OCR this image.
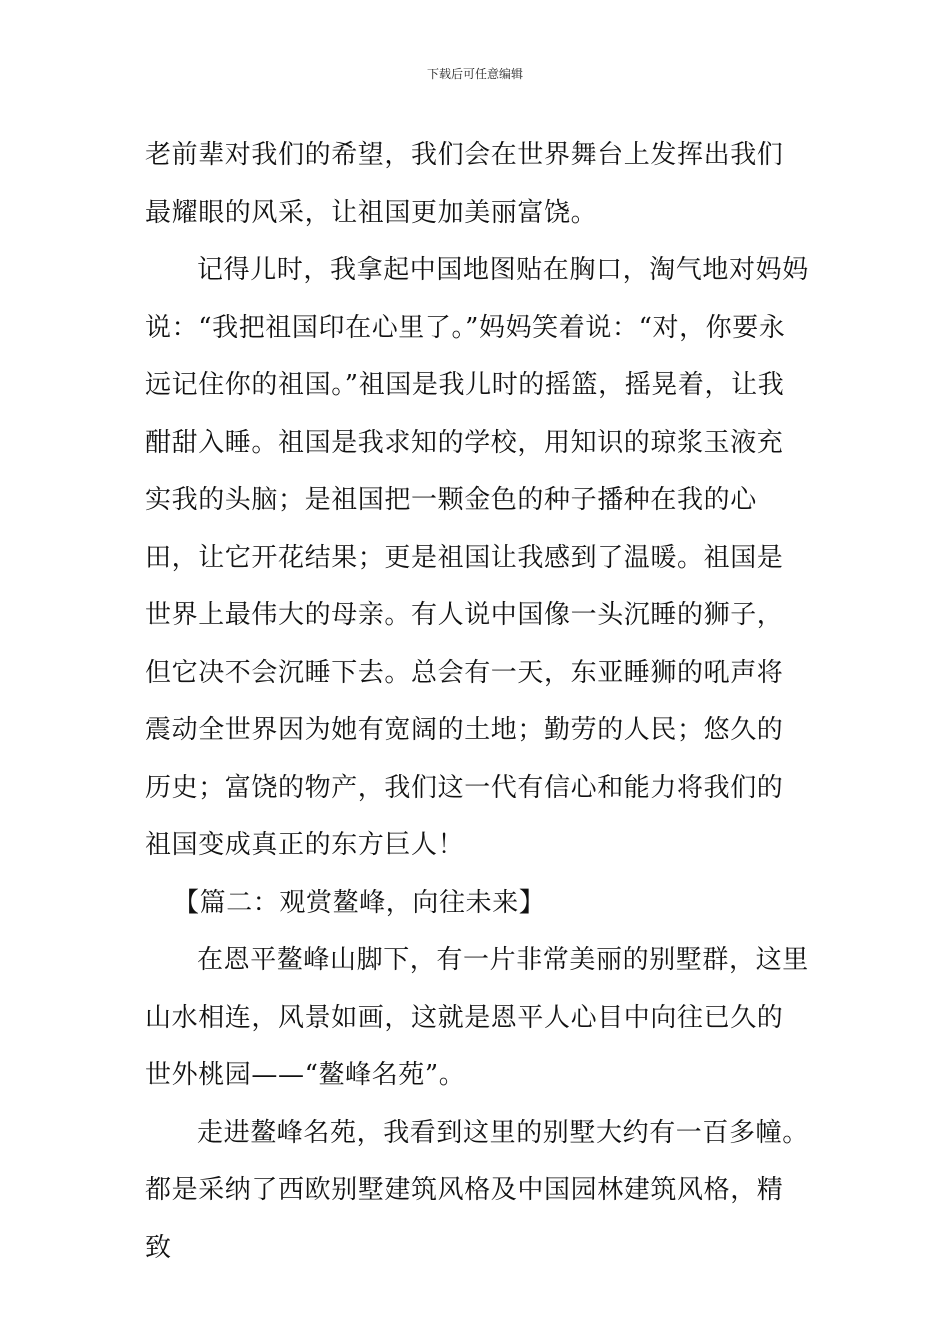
下载后可任意编辑

老前辈对我们的希望，我们会在世界舞台上发挥出我们最耀眼的风采，让祖国更加美丽富饶。

记得儿时，我拿起中国地图贴在胸口，淘气地对妈妈说：“我把祖国印在心里了。”妈妈笑着说：“对，你要永远记住你的祖国。”祖国是我儿时的摇篮，摇晃着，让我酣甜入睡。祖国是我求知的学校，用知识的琼浆玉液充实我的头脑；是祖国把一颗金色的种子播种在我的心田，让它开花结果；更是祖国让我感到了温暖。祖国是世界上最伟大的母亲。有人说中国像一头沉睡的狮子，但它决不会沉睡下去。总会有一天，东亚睡狮的吼声将震动全世界因为她有宽阔的土地；勤劳的人民；悠久的历史；富饶的物产，我们这一代有信心和能力将我们的祖国变成真正的东方巨人！

【篇二：观赏鳌峰，向往未来】

在恩平鳌峰山脚下，有一片非常美丽的别墅群，这里山水相连，风景如画，这就是恩平人心目中向往已久的世外桃园——“鳌峰名苑”。

走进鳌峰名苑，我看到这里的别墅大约有一百多幢。都是采纳了西欧别墅建筑风格及中国园林建筑风格，精致
